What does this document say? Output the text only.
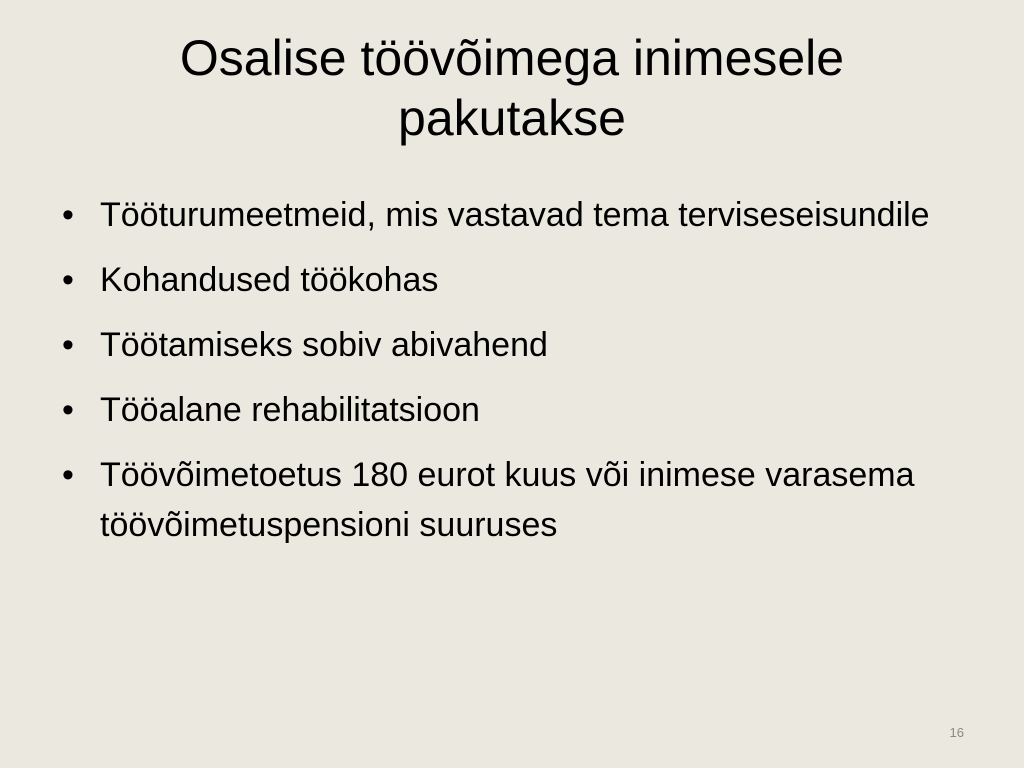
Osalise töövõimega inimesele pakutakse
• Tööturumeetmeid, mis vastavad tema terviseseisundile
• Kohandused töökohas
• Töötamiseks sobiv abivahend
• Tööalane rehabilitatsioon
• Töövõimetoetus 180 eurot kuus või inimese varasema töövõimetuspensioni suuruses
16
